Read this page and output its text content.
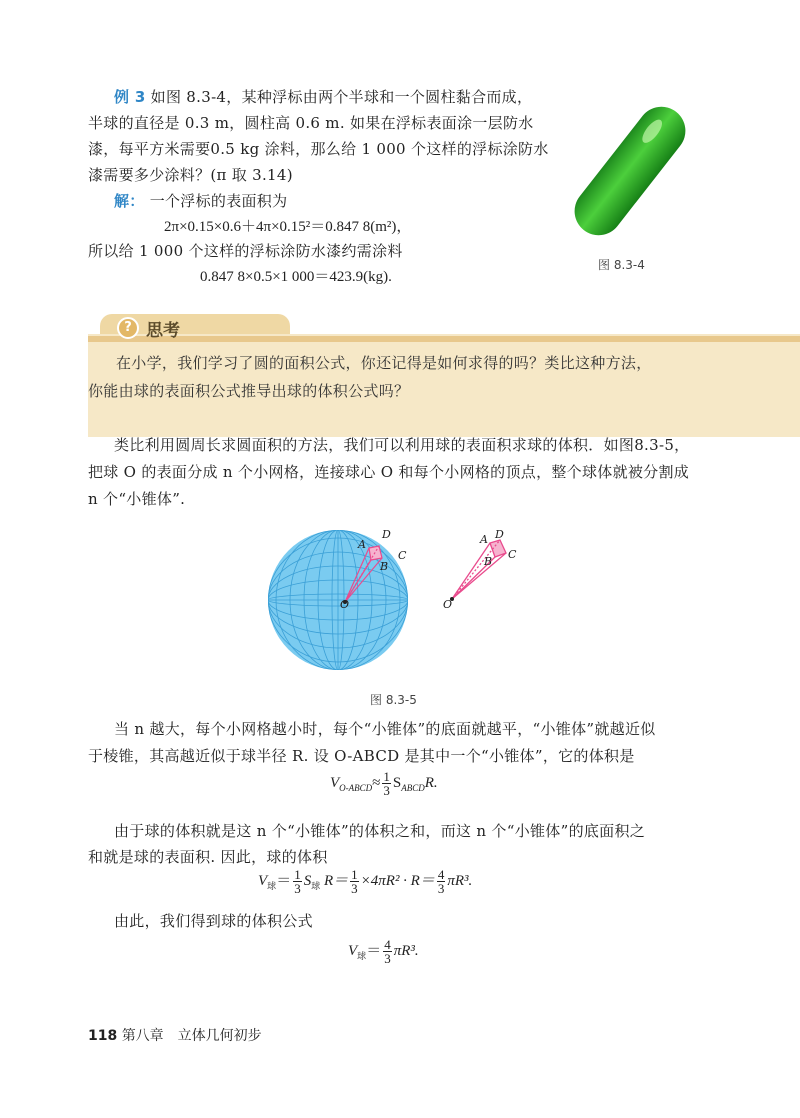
例 3 如图 8.3-4，某种浮标由两个半球和一个圆柱黏合而成，
半球的直径是 0.3 m，圆柱高 0.6 m. 如果在浮标表面涂一层防水
漆，每平方米需要0.5 kg 涂料，那么给 1 000 个这样的浮标涂防水
漆需要多少涂料？(π 取 3.14)
解： 一个浮标的表面积为
2π×0.15×0.6＋4π×0.15²＝0.847 8(m²)，
所以给 1 000 个这样的浮标涂防水漆约需涂料
0.847 8×0.5×1 000＝423.9(kg).
图 8.3-4
? 思考
在小学，我们学习了圆的面积公式，你还记得是如何求得的吗？类比这种方法，
你能由球的表面积公式推导出球的体积公式吗？
类比利用圆周长求圆面积的方法，我们可以利用球的表面积求球的体积．如图8.3-5，
把球 O 的表面分成 n 个小网格，连接球心 O 和每个小网格的顶点，整个球体就被分割成
n 个“小锥体”.
A
D
C
B
O
A D
C
B
O
图 8.3-5
当 n 越大，每个小网格越小时，每个“小锥体”的底面就越平，“小锥体”就越近似
于棱锥，其高越近似于球半径 R. 设 O-ABCD 是其中一个“小锥体”，它的体积是
$V_{O-ABCD}\approx \frac{1}{3} S_{ABCD}R$.
由于球的体积就是这 n 个“小锥体”的体积之和，而这 n 个“小锥体”的底面积之
和就是球的表面积. 因此，球的体积
$V_球= \frac{1}{3} S_球$ $R= \frac{1}{3} \times 4\pi R^2 \cdot R= \frac{4}{3} \pi R^3$.
由此，我们得到球的体积公式
$V_球= \frac{4}{3} \pi R^3$.
118 第八章　立体几何初步
